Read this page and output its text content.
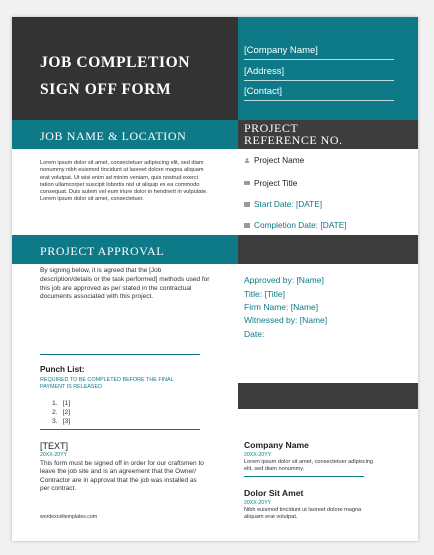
JOB COMPLETION
SIGN OFF FORM
[Company Name]
[Address]
[Contact]
JOB NAME & LOCATION
PROJECT REFERENCE NO.
Lorem ipsum dolor sit amet, consectetuer adipiscing elit, sed diam nonummy nibh euismod tincidunt ut laoreet dolore magna aliquam erat volutpat. Ut wisi enim ad minim veniam, quis nostrud exerci tation ullamcorper suscipit lobortis nisl ut aliquip ex ea commodo consequat. Duis autem vel eum iriure dolor in hendrerit in vulputate. Lorem ipsum dolor sit amet, consectetuer.
Project Name
Project Title
Start Date: [DATE]
Completion Date: [DATE]
PROJECT APPROVAL
By signing below, it is agreed that the [Job description/details or the task performed] methods used for this job are approved as per stated in the contractual documents associated with this project.
Approved by: [Name]
Title: [Title]
Firm Name: [Name]
Witnessed by: [Name]
Date:
Punch List:
REQUIRED TO BE COMPLETED BEFORE THE FINAL PAYMENT IS RELEASED
1. [1]
2. [2]
3. [3]
[TEXT]
20XX-20YY
This form must be signed off in order for our craftsmen to leave the job site and is an agreement that the Owner/ Contractor are in approval that the job was installed as per contract.
wordexceltemplates.com
Company Name
20XX-20YY
Lorem ipsum dolor sit amet, consectetuer adipiscing elit, sed diam nonummy.
Dolor Sit Amet
20XX-20YY
Nibh euismod tincidunt ut laoreet dolore magna aliquam erat volutpat.
